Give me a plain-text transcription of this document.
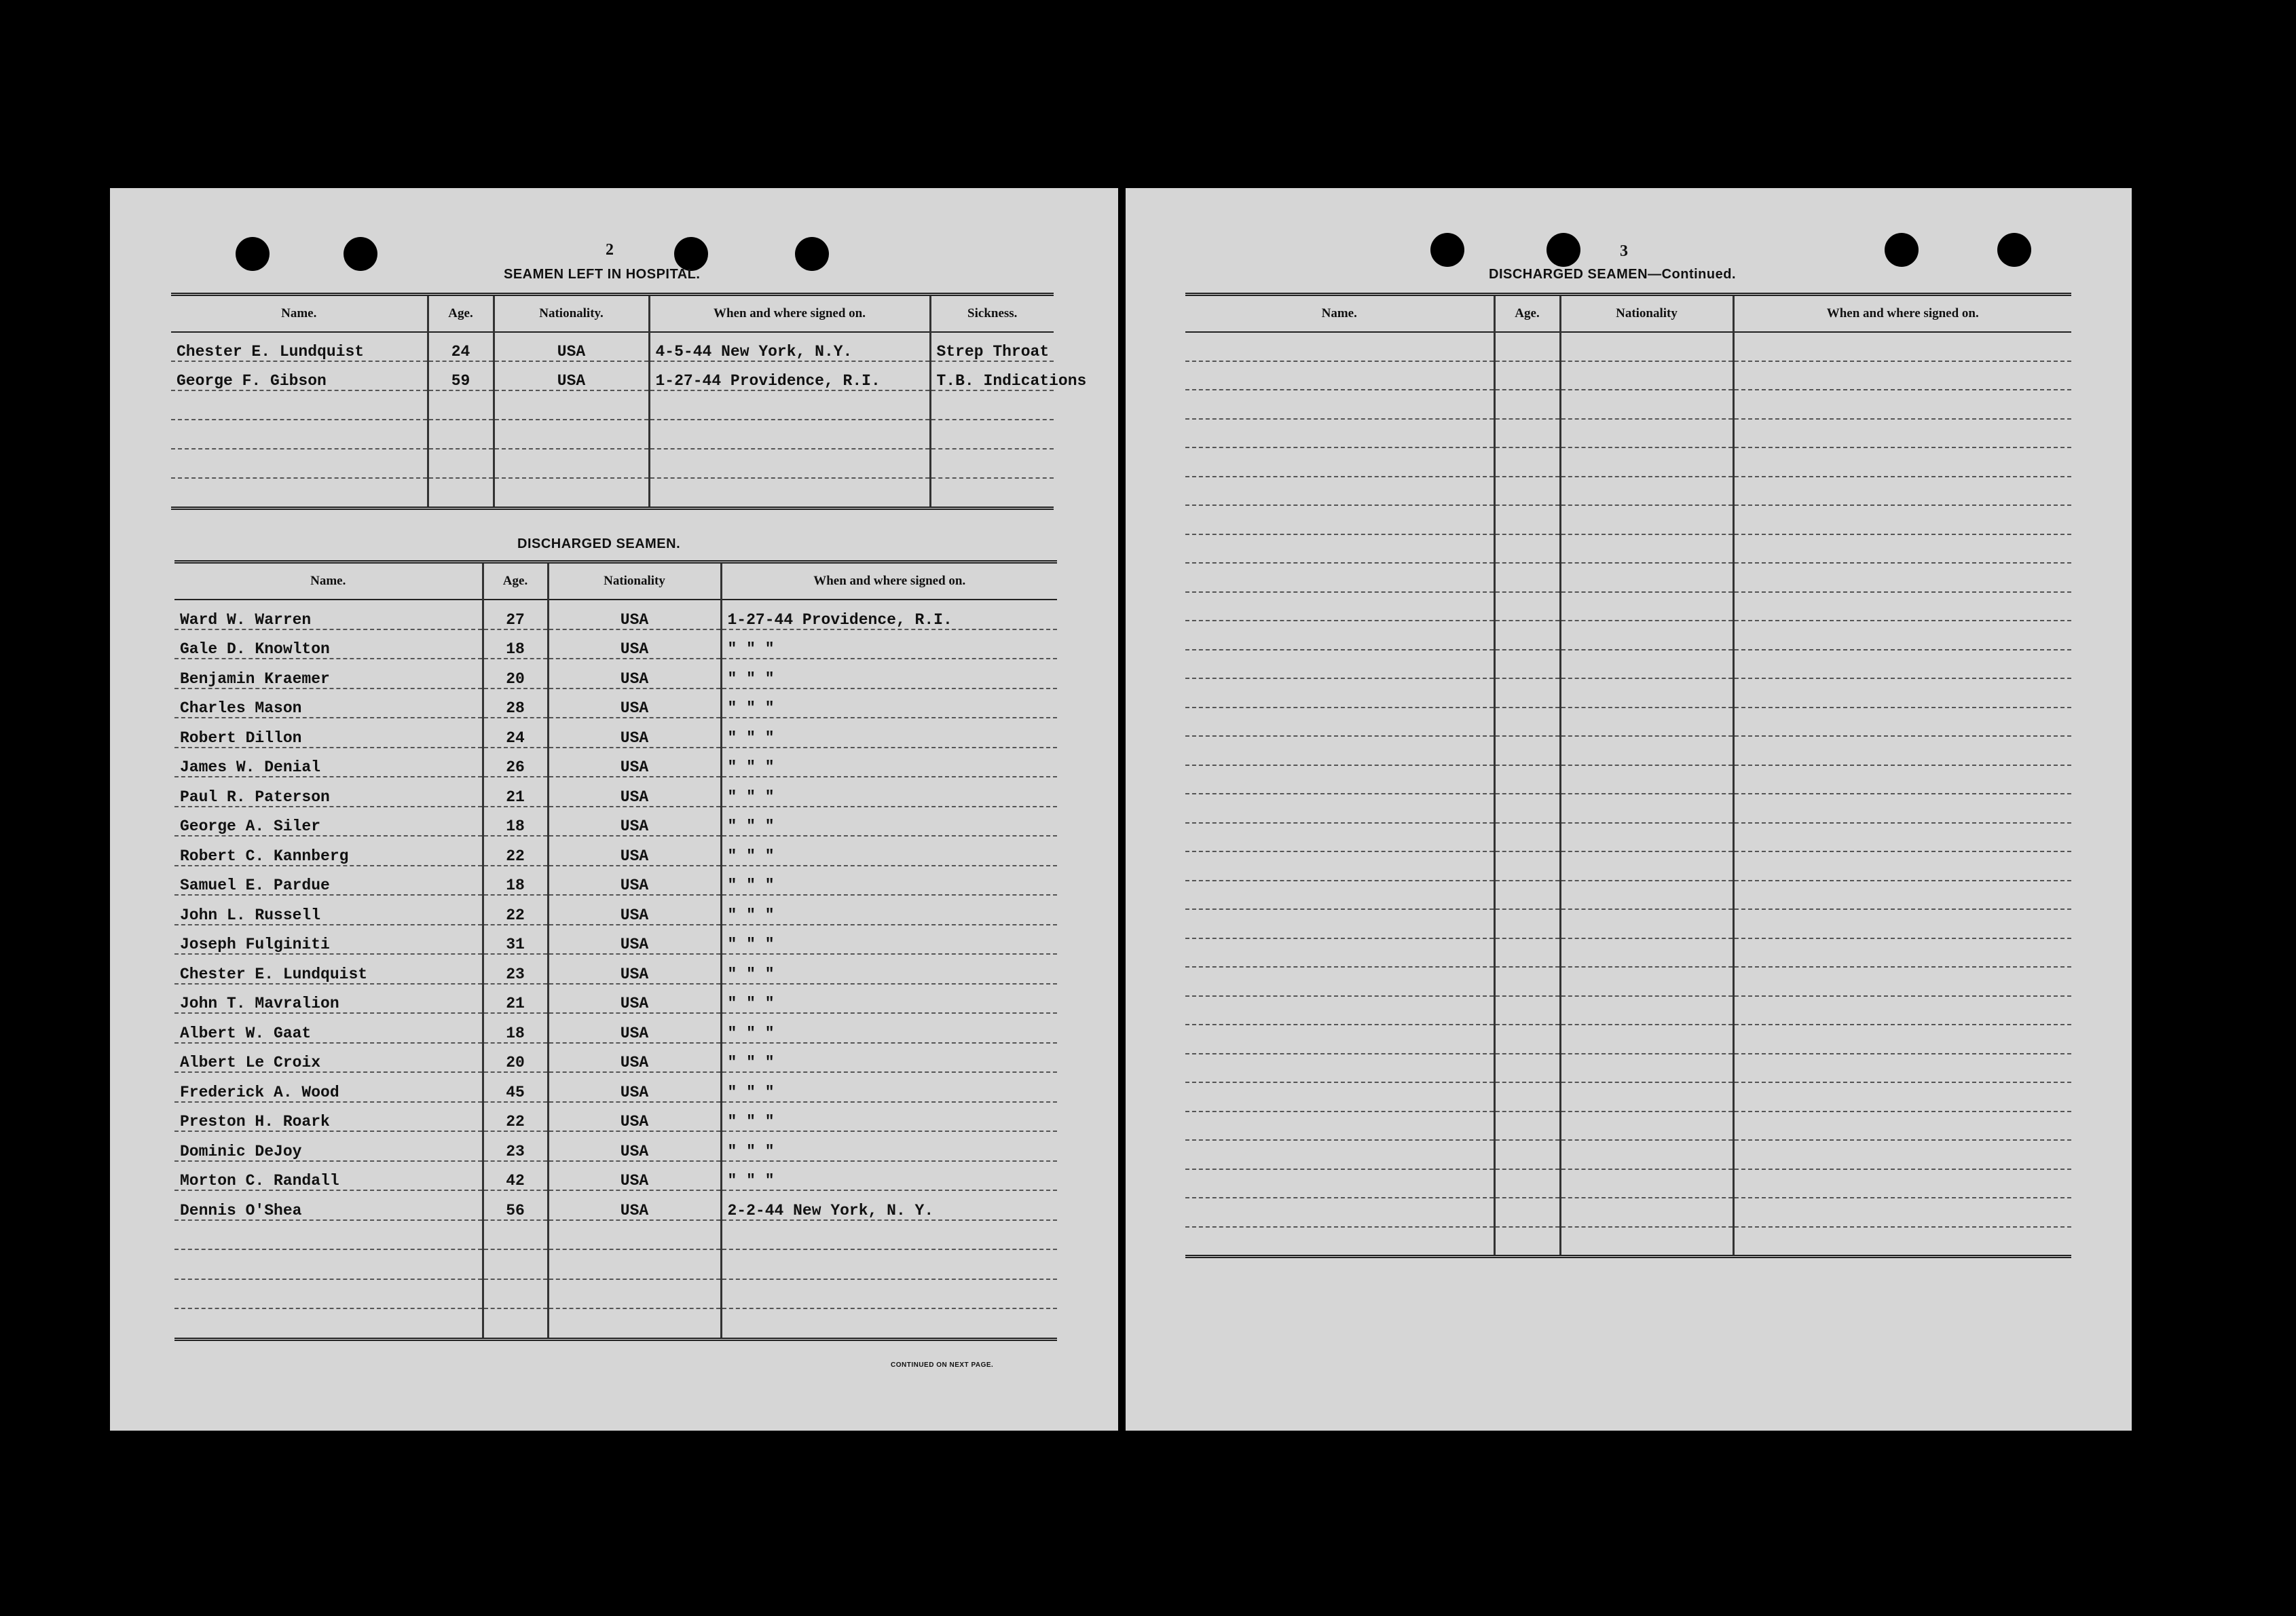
2
SEAMEN LEFT IN HOSPITAL.
Name.	Age.	Nationality.	When and where signed on.	Sickness.
Chester E. Lundquist	24	USA	4-5-44 New York, N.Y.	Strep Throat
George F. Gibson	59	USA	1-27-44 Providence, R.I.	T.B. Indications

DISCHARGED SEAMEN.
Name.	Age.	Nationality	When and where signed on.
Ward W. Warren	27	USA	1-27-44 Providence, R.I.
Gale D. Knowlton	18	USA	" " "
Benjamin Kraemer	20	USA	" " "
Charles Mason	28	USA	" " "
Robert Dillon	24	USA	" " "
James W. Denial	26	USA	" " "
Paul R. Paterson	21	USA	" " "
George A. Siler	18	USA	" " "
Robert C. Kannberg	22	USA	" " "
Samuel E. Pardue	18	USA	" " "
John L. Russell	22	USA	" " "
Joseph Fulginiti	31	USA	" " "
Chester E. Lundquist	23	USA	" " "
John T. Mavralion	21	USA	" " "
Albert W. Gaat	18	USA	" " "
Albert Le Croix	20	USA	" " "
Frederick A. Wood	45	USA	" " "
Preston H. Roark	22	USA	" " "
Dominic DeJoy	23	USA	" " "
Morton C. Randall	42	USA	" " "
Dennis O'Shea	56	USA	2-2-44 New York, N. Y.

CONTINUED ON NEXT PAGE.
3
DISCHARGED SEAMEN—Continued.
Name.	Age.	Nationality	When and where signed on.
